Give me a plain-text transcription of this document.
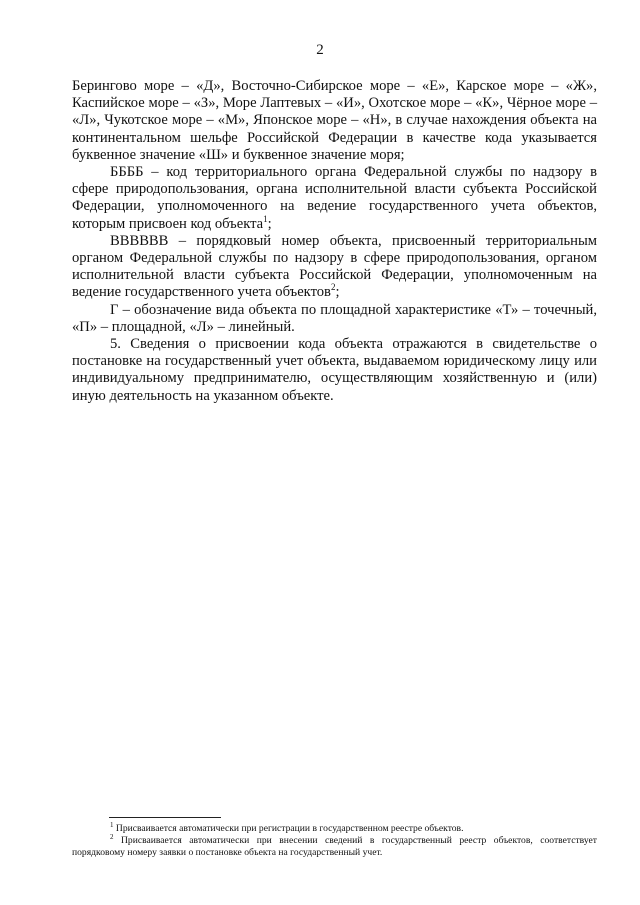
2

Берингово море – «Д», Восточно-Сибирское море – «Е», Карское море – «Ж», Каспийское море – «З», Море Лаптевых – «И», Охотское море – «К», Чёрное море – «Л», Чукотское море – «М», Японское море – «Н», в случае нахождения объекта на континентальном шельфе Российской Федерации в качестве кода указывается буквенное значение «Ш» и буквенное значение моря;

ББББ – код территориального органа Федеральной службы по надзору в сфере природопользования, органа исполнительной власти субъекта Российской Федерации, уполномоченного на ведение государственного учета объектов, которым присвоен код объекта$^1$;

ВВВВВВ – порядковый номер объекта, присвоенный территориальным органом Федеральной службы по надзору в сфере природопользования, органом исполнительной власти субъекта Российской Федерации, уполномоченным на ведение государственного учета объектов$^2$;

Г – обозначение вида объекта по площадной характеристике «Т» – точечный, «П» – площадной, «Л» – линейный.

5. Сведения о присвоении кода объекта отражаются в свидетельстве о постановке на государственный учет объекта, выдаваемом юридическому лицу или индивидуальному предпринимателю, осуществляющим хозяйственную и (или) иную деятельность на указанном объекте.

$^1$ Присваивается автоматически при регистрации в государственном реестре объектов.

$^2$ Присваивается автоматически при внесении сведений в государственный реестр объектов, соответствует порядковому номеру заявки о постановке объекта на государственный учет.
